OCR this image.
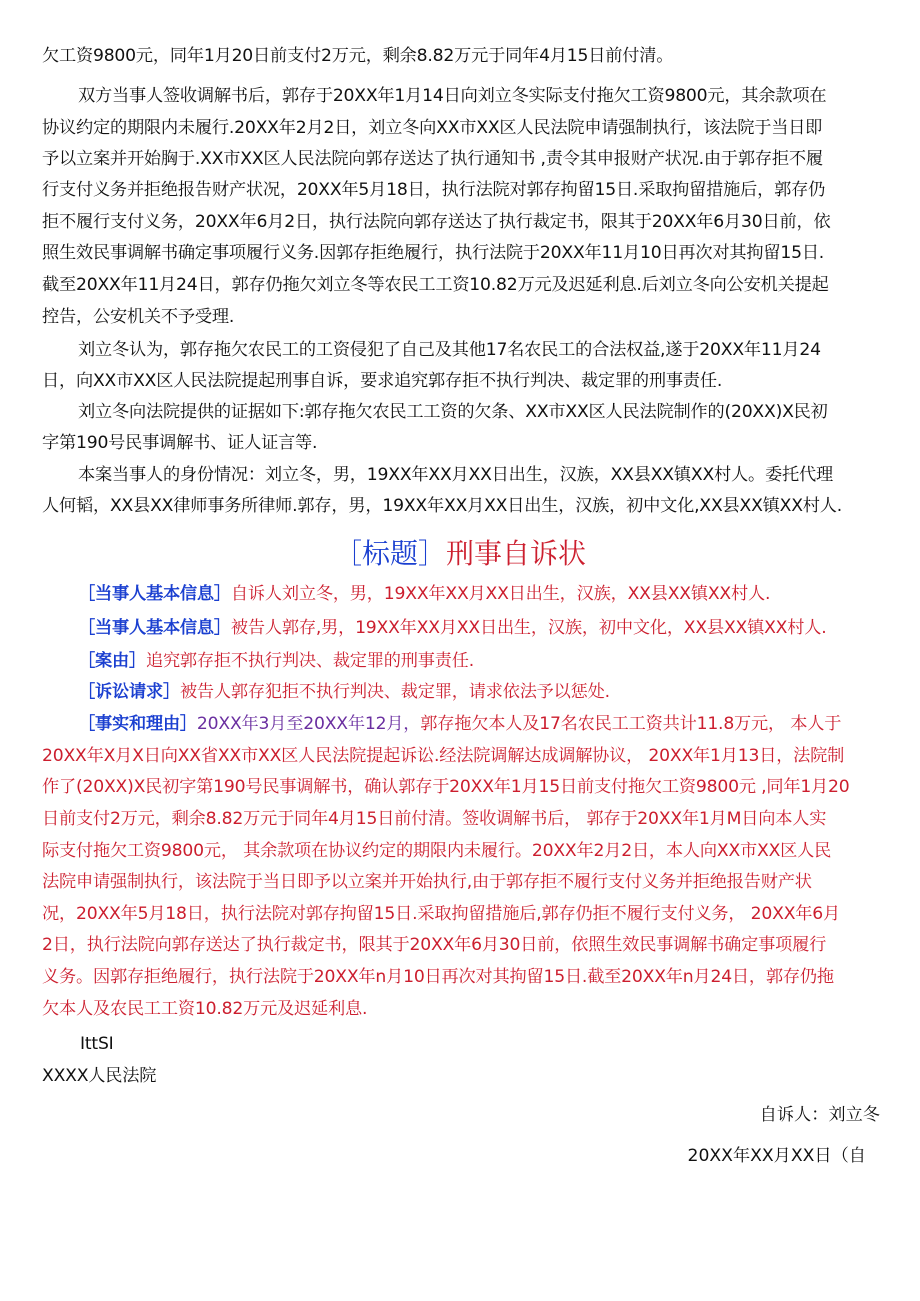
欠工资9800元，同年1月20日前支付2万元，剩余8.82万元于同年4月15日前付清。
双方当事人签收调解书后，郭存于20XX年1月14日向刘立冬实际支付拖欠工资9800元，其余款项在
协议约定的期限内未履行.20XX年2月2日，刘立冬向XX市XX区人民法院申请强制执行，该法院于当日即
予以立案并开始胸于.XX市XX区人民法院向郭存送达了执行通知书 ,责令其申报财产状况.由于郭存拒不履
行支付义务并拒绝报告财产状况，20XX年5月18日，执行法院对郭存拘留15日.采取拘留措施后，郭存仍
拒不履行支付义务，20XX年6月2日，执行法院向郭存送达了执行裁定书，限其于20XX年6月30日前，依
照生效民事调解书确定事项履行义务.因郭存拒绝履行，执行法院于20XX年11月10日再次对其拘留15日.
截至20XX年11月24日，郭存仍拖欠刘立冬等农民工工资10.82万元及迟延利息.后刘立冬向公安机关提起
控告，公安机关不予受理.
刘立冬认为，郭存拖欠农民工的工资侵犯了自己及其他17名农民工的合法权益,遂于20XX年11月24
日，向XX市XX区人民法院提起刑事自诉，要求追究郭存拒不执行判决、裁定罪的刑事责任.
刘立冬向法院提供的证据如下:郭存拖欠农民工工资的欠条、XX市XX区人民法院制作的(20XX)X民初
字第190号民事调解书、证人证言等.
本案当事人的身份情况：刘立冬，男，19XX年XX月XX日出生，汉族，XX县XX镇XX村人。委托代理
人何韬，XX县XX律师事务所律师.郭存，男，19XX年XX月XX日出生，汉族，初中文化,XX县XX镇XX村人.
［标题］刑事自诉状
［当事人基本信息］自诉人刘立冬，男，19XX年XX月XX日出生，汉族，XX县XX镇XX村人.
［当事人基本信息］被告人郭存,男，19XX年XX月XX日出生，汉族，初中文化，XX县XX镇XX村人.
［案由］追究郭存拒不执行判决、裁定罪的刑事责任.
［诉讼请求］被告人郭存犯拒不执行判决、裁定罪，请求依法予以惩处.
［事实和理由］20XX年3月至20XX年12月，郭存拖欠本人及17名农民工工资共计11.8万元， 本人于
20XX年X月X日向XX省XX市XX区人民法院提起诉讼.经法院调解达成调解协议， 20XX年1月13日，法院制
作了(20XX)X民初字第190号民事调解书，确认郭存于20XX年1月15日前支付拖欠工资9800元 ,同年1月20
日前支付2万元，剩余8.82万元于同年4月15日前付清。签收调解书后， 郭存于20XX年1月M日向本人实
际支付拖欠工资9800元， 其余款项在协议约定的期限内未履行。20XX年2月2日，本人向XX市XX区人民
法院申请强制执行，该法院于当日即予以立案并开始执行,由于郭存拒不履行支付义务并拒绝报告财产状
况，20XX年5月18日，执行法院对郭存拘留15日.采取拘留措施后,郭存仍拒不履行支付义务， 20XX年6月
2日，执行法院向郭存送达了执行裁定书，限其于20XX年6月30日前，依照生效民事调解书确定事项履行
义务。因郭存拒绝履行，执行法院于20XX年n月10日再次对其拘留15日.截至20XX年n月24日，郭存仍拖
欠本人及农民工工资10.82万元及迟延利息.
IttSI
XXXX人民法院
自诉人：刘立冬
20XX年XX月XX日（自
